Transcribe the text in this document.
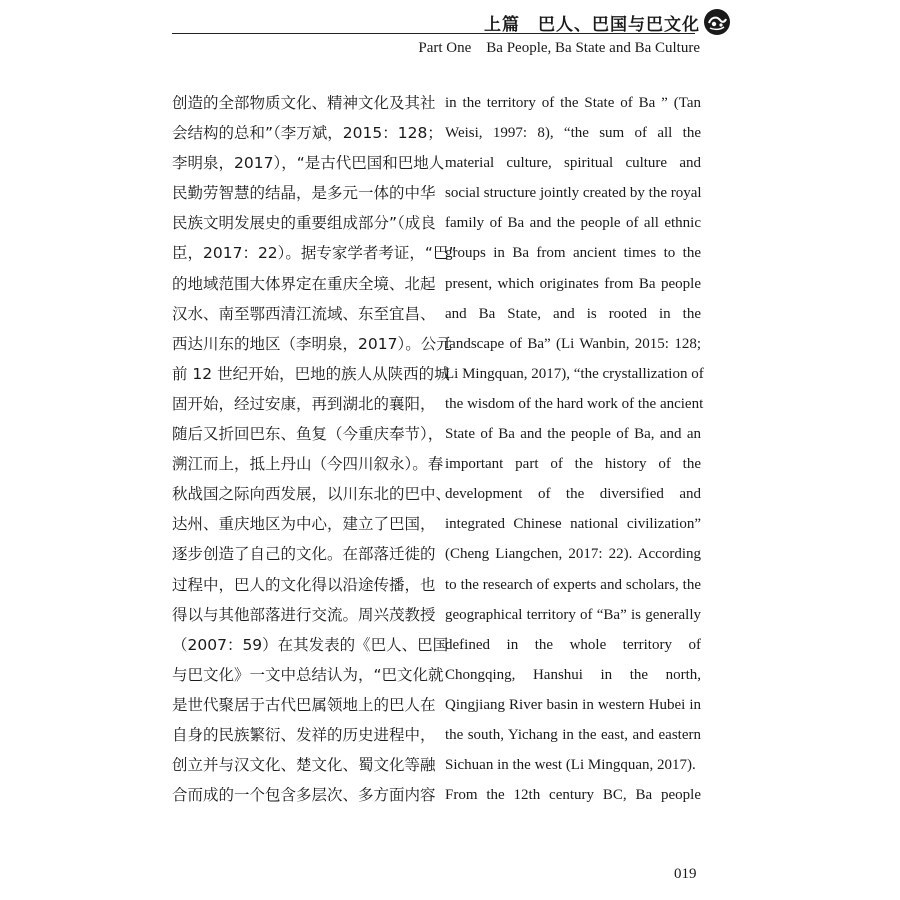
上篇　巴人、巴国与巴文化
Part One　Ba People, Ba State and Ba Culture
创造的全部物质文化、精神文化及其社
会结构的总和”（李万斌，2015：128；
李明泉，2017），“是古代巴国和巴地人
民勤劳智慧的结晶，是多元一体的中华
民族文明发展史的重要组成部分”（成良
臣，2017：22）。据专家学者考证，“巴”
的地域范围大体界定在重庆全境、北起
汉水、南至鄂西清江流域、东至宜昌、
西达川东的地区（李明泉，2017）。公元
前 12 世纪开始，巴地的族人从陕西的城
固开始，经过安康，再到湖北的襄阳，
随后又折回巴东、鱼复（今重庆奉节），
溯江而上，抵上丹山（今四川叙永）。春
秋战国之际向西发展，以川东北的巴中、
达州、重庆地区为中心，建立了巴国，
逐步创造了自己的文化。在部落迁徙的
过程中，巴人的文化得以沿途传播，也
得以与其他部落进行交流。周兴茂教授
（2007：59）在其发表的《巴人、巴国
与巴文化》一文中总结认为，“巴文化就
是世代聚居于古代巴属领地上的巴人在
自身的民族繁衍、发祥的历史进程中，
创立并与汉文化、楚文化、蜀文化等融
合而成的一个包含多层次、多方面内容
in the territory of the State of Ba ” (Tan
Weisi, 1997: 8), “the sum of all the
material culture, spiritual culture and
social structure jointly created by the royal
family of Ba and the people of all ethnic
groups in Ba from ancient times to the
present, which originates from Ba people
and Ba State, and is rooted in the
landscape of Ba” (Li Wanbin, 2015: 128;
Li Mingquan, 2017), “the crystallization of
the wisdom of the hard work of the ancient
State of Ba and the people of Ba, and an
important part of the history of the
development of the diversified and
integrated Chinese national civilization”
(Cheng Liangchen, 2017: 22). According
to the research of experts and scholars, the
geographical territory of “Ba” is generally
defined in the whole territory of
Chongqing, Hanshui in the north,
Qingjiang River basin in western Hubei in
the south, Yichang in the east, and eastern
Sichuan in the west (Li Mingquan, 2017).
From the 12th century BC, Ba people
019
